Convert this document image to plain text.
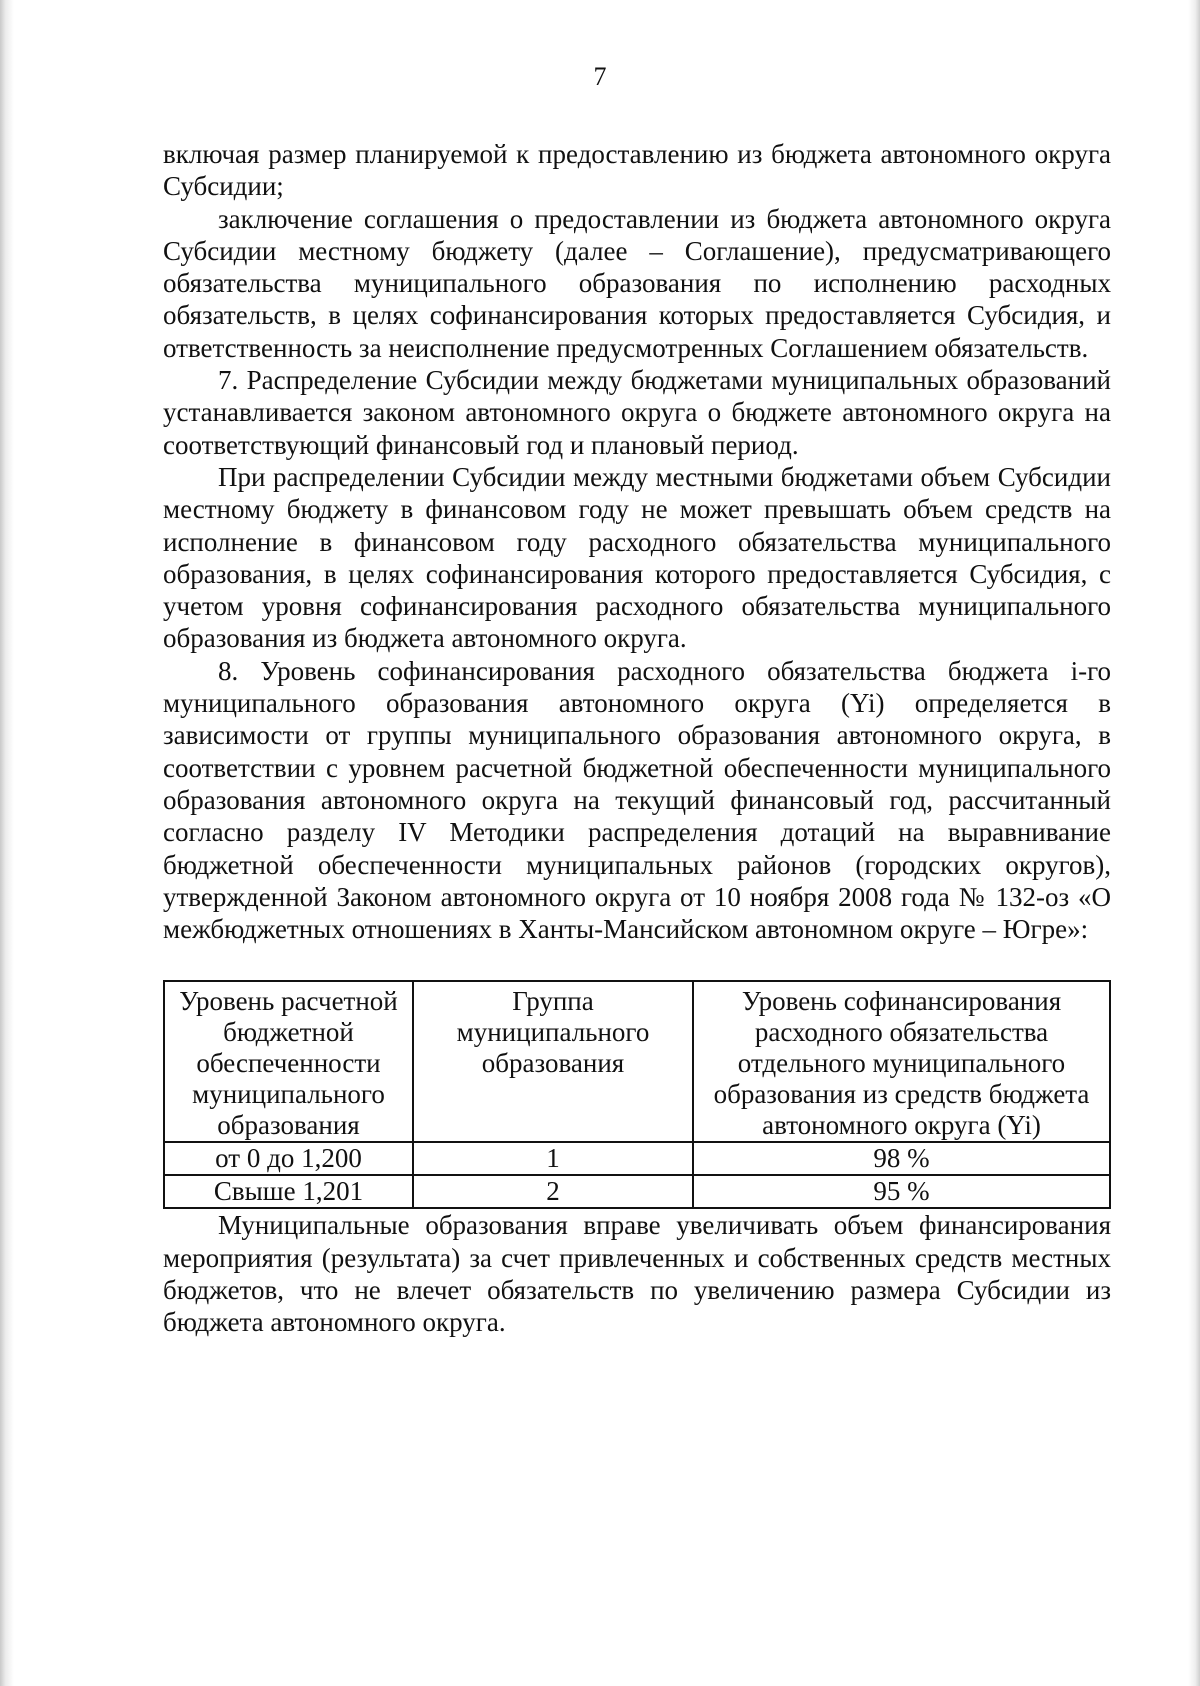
7

включая размер планируемой к предоставлению из бюджета автономного округа Субсидии;

заключение соглашения о предоставлении из бюджета автономного округа Субсидии местному бюджету (далее – Соглашение), предусматривающего обязательства муниципального образования по исполнению расходных обязательств, в целях софинансирования которых предоставляется Субсидия, и ответственность за неисполнение предусмотренных Соглашением обязательств.

7. Распределение Субсидии между бюджетами муниципальных образований устанавливается законом автономного округа о бюджете автономного округа на соответствующий финансовый год и плановый период.

При распределении Субсидии между местными бюджетами объем Субсидии местному бюджету в финансовом году не может превышать объем средств на исполнение в финансовом году расходного обязательства муниципального образования, в целях софинансирования которого предоставляется Субсидия, с учетом уровня софинансирования расходного обязательства муниципального образования из бюджета автономного округа.

8. Уровень софинансирования расходного обязательства бюджета i-го муниципального образования автономного округа (Yi) определяется в зависимости от группы муниципального образования автономного округа, в соответствии с уровнем расчетной бюджетной обеспеченности муниципального образования автономного округа на текущий финансовый год, рассчитанный согласно разделу IV Методики распределения дотаций на выравнивание бюджетной обеспеченности муниципальных районов (городских округов), утвержденной Законом автономного округа от 10 ноября 2008 года № 132-оз «О межбюджетных отношениях в Ханты-Мансийском автономном округе – Югре»:

Уровень расчетной бюджетной обеспеченности муниципального образования	Группа муниципального образования	Уровень софинансирования расходного обязательства отдельного муниципального образования из средств бюджета автономного округа (Yi)
от 0 до 1,200	1	98 %
Свыше 1,201	2	95 %

Муниципальные образования вправе увеличивать объем финансирования мероприятия (результата) за счет привлеченных и собственных средств местных бюджетов, что не влечет обязательств по увеличению размера Субсидии из бюджета автономного округа.
